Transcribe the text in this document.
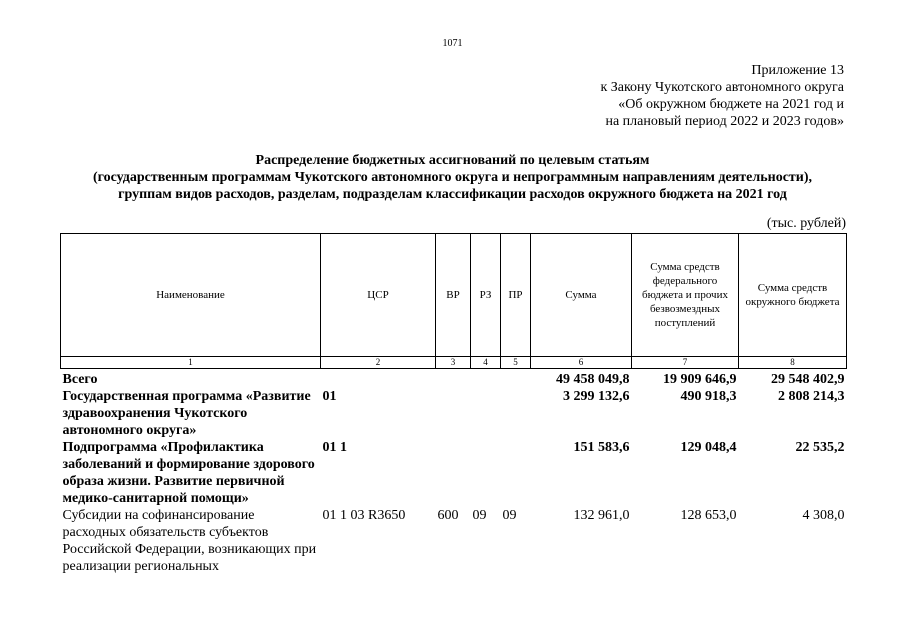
1071
Приложение 13
к Закону Чукотского автономного округа
«Об окружном бюджете на 2021 год и
на плановый период 2022 и 2023 годов»
Распределение бюджетных ассигнований по целевым статьям
(государственным программам Чукотского автономного округа и непрограммным направлениям деятельности),
группам видов расходов, разделам, подразделам классификации расходов окружного бюджета на 2021 год
(тыс. рублей)
Наименование	ЦСР	ВР	РЗ	ПР	Сумма	Сумма средств федерального бюджета и прочих безвозмездных поступлений	Сумма средств окружного бюджета
1	2	3	4	5	6	7	8
Всего					49 458 049,8	19 909 646,9	29 548 402,9
Государственная программа «Развитие здравоохранения Чукотского автономного округа»	01				3 299 132,6	490 918,3	2 808 214,3
Подпрограмма «Профилактика заболеваний и формирование здорового образа жизни. Развитие первичной медико-санитарной помощи»	01 1				151 583,6	129 048,4	22 535,2
Субсидии на софинансирование расходных обязательств субъектов Российской Федерации, возникающих при реализации региональных	01 1 03 R3650	600	09	09	132 961,0	128 653,0	4 308,0
